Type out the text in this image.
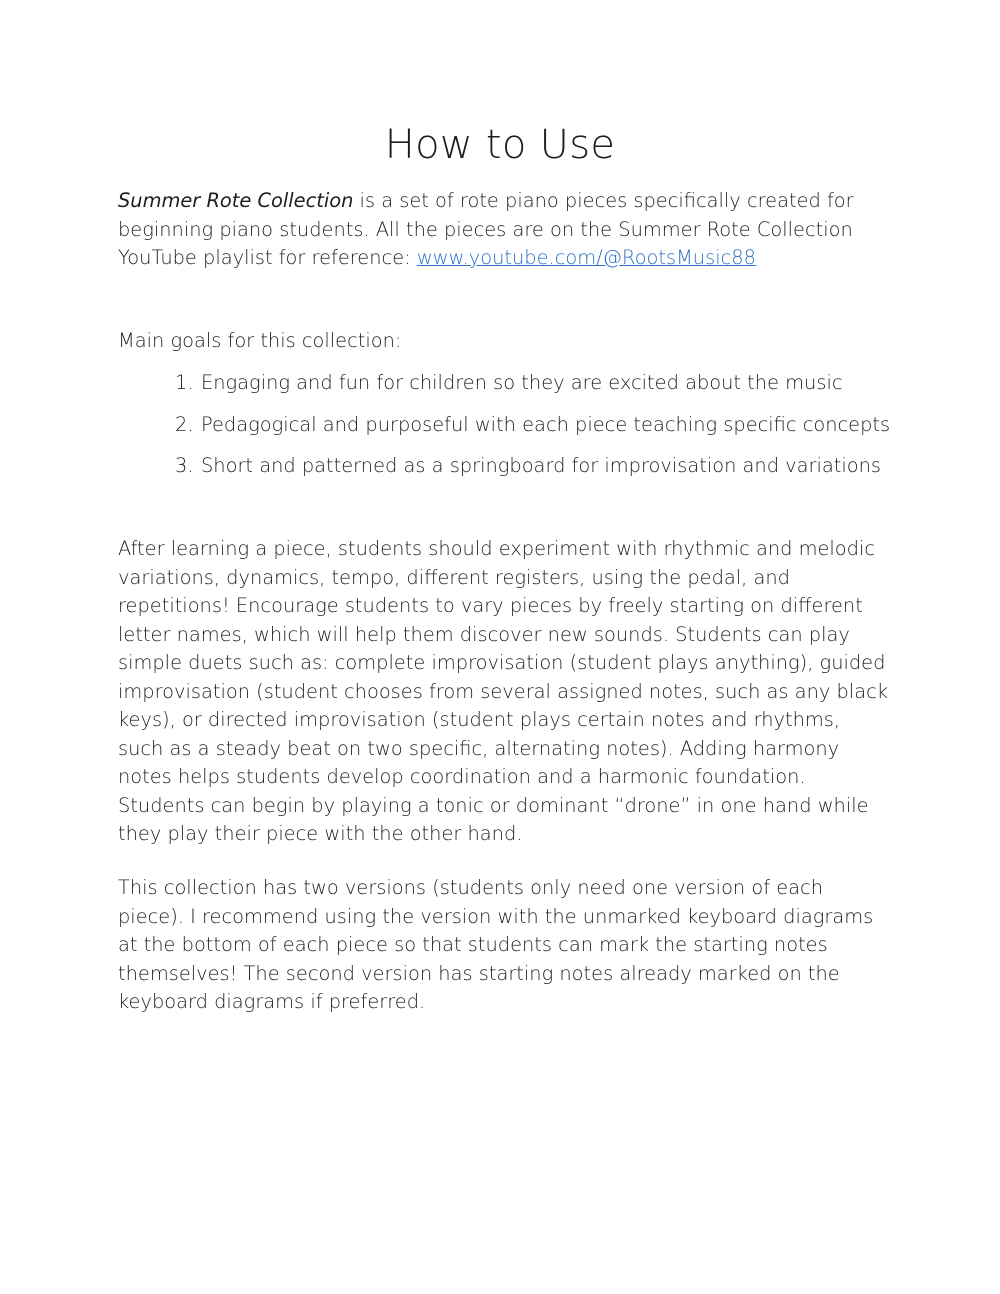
How to Use

Summer Rote Collection is a set of rote piano pieces specifically created for beginning piano students. All the pieces are on the Summer Rote Collection YouTube playlist for reference: www.youtube.com/@RootsMusic88

Main goals for this collection:

1. Engaging and fun for children so they are excited about the music
2. Pedagogical and purposeful with each piece teaching specific concepts
3. Short and patterned as a springboard for improvisation and variations

After learning a piece, students should experiment with rhythmic and melodic variations, dynamics, tempo, different registers, using the pedal, and repetitions! Encourage students to vary pieces by freely starting on different letter names, which will help them discover new sounds. Students can play simple duets such as: complete improvisation (student plays anything), guided improvisation (student chooses from several assigned notes, such as any black keys), or directed improvisation (student plays certain notes and rhythms, such as a steady beat on two specific, alternating notes). Adding harmony notes helps students develop coordination and a harmonic foundation. Students can begin by playing a tonic or dominant “drone” in one hand while they play their piece with the other hand.

This collection has two versions (students only need one version of each piece). I recommend using the version with the unmarked keyboard diagrams at the bottom of each piece so that students can mark the starting notes themselves! The second version has starting notes already marked on the keyboard diagrams if preferred.
